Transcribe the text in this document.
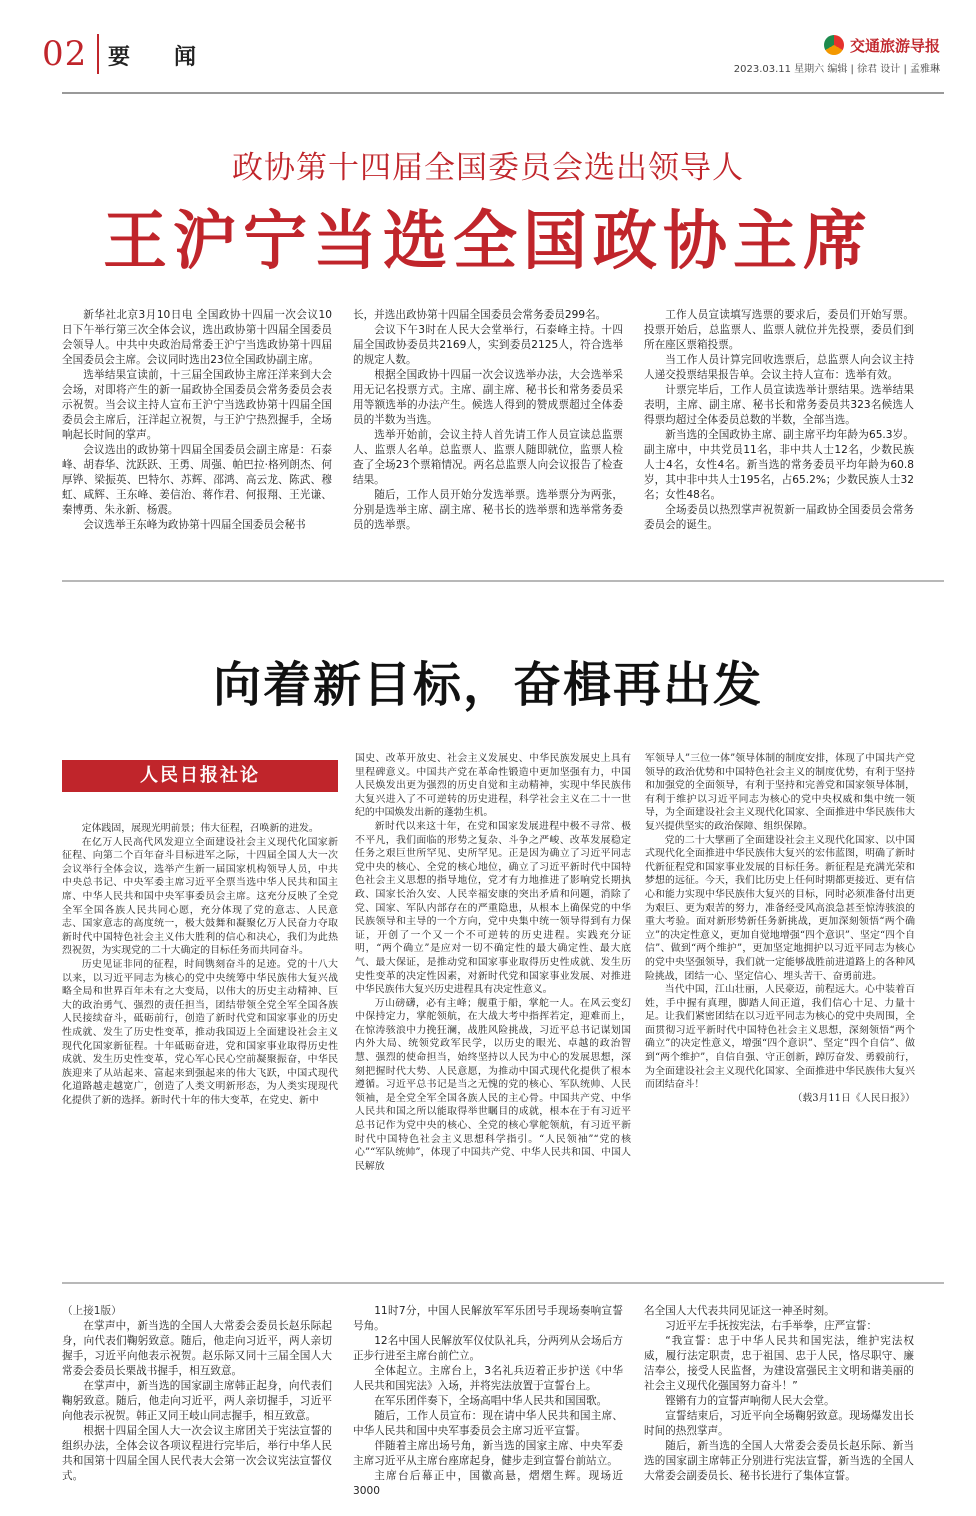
02 要闻	交通旅游导报
2023.03.11 星期六 编辑 | 徐君 设计 | 孟雅琳
政协第十四届全国委员会选出领导人
王沪宁当选全国政协主席

新华社北京3月10日电 全国政协十四届一次会议10日下午举行第三次全体会议，选出政协第十四届全国委员会领导人。中共中央政治局常委王沪宁当选政协第十四届全国委员会主席。会议同时选出23位全国政协副主席。

选举结果宣读前，十三届全国政协主席汪洋来到大会会场，对即将产生的新一届政协全国委员会常务委员会表示祝贺。当会议主持人宣布王沪宁当选政协第十四届全国委员会主席后，汪洋起立祝贺，与王沪宁热烈握手，全场响起长时间的掌声。

会议选出的政协第十四届全国委员会副主席是：石泰峰、胡春华、沈跃跃、王勇、周强、帕巴拉·格列朗杰、何厚铧、梁振英、巴特尔、苏辉、邵鸿、高云龙、陈武、穆虹、咸辉、王东峰、姜信治、蒋作君、何报翔、王光谦、秦博勇、朱永新、杨震。

会议选举王东峰为政协第十四届全国委员会秘书

长，并选出政协第十四届全国委员会常务委员299名。

会议下午3时在人民大会堂举行，石泰峰主持。十四届全国政协委员共2169人，实到委员2125人，符合选举的规定人数。

根据全国政协十四届一次会议选举办法，大会选举采用无记名投票方式。主席、副主席、秘书长和常务委员采用等额选举的办法产生。候选人得到的赞成票超过全体委员的半数为当选。

选举开始前，会议主持人首先请工作人员宣读总监票人、监票人名单。总监票人、监票人随即就位，监票人检查了全场23个票箱情况。两名总监票人向会议报告了检查结果。

随后，工作人员开始分发选举票。选举票分为两张，分别是选举主席、副主席、秘书长的选举票和选举常务委员的选举票。

工作人员宣读填写选票的要求后，委员们开始写票。投票开始后，总监票人、监票人就位并先投票，委员们到所在座区票箱投票。

当工作人员计算完回收选票后，总监票人向会议主持人递交投票结果报告单。会议主持人宣布：选举有效。

计票完毕后，工作人员宣读选举计票结果。选举结果表明，主席、副主席、秘书长和常务委员共323名候选人得票均超过全体委员总数的半数，全部当选。

新当选的全国政协主席、副主席平均年龄为65.3岁。副主席中，中共党员11名，非中共人士12名，少数民族人士4名，女性4名。新当选的常务委员平均年龄为60.8岁，其中非中共人士195名，占65.2%；少数民族人士32名；女性48名。

全场委员以热烈掌声祝贺新一届政协全国委员会常务委员会的诞生。

向着新目标，奋楫再出发
人民日报社论

定体践固，展现光明前景；伟大征程，召唤新的进发。

在亿万人民高代风发迎立全面建设社会主义现代化国家新征程、向第二个百年奋斗目标进军之际，十四届全国人大一次会议举行全体会议，选举产生新一届国家机构领导人员，中共中央总书记、中央军委主席习近平全票当选中华人民共和国主席、中华人民共和国中央军事委员会主席。这充分反映了全党全军全国各族人民共同心愿，充分体现了党的意志、人民意志、国家意志的高度统一，极大鼓舞和凝聚亿万人民奋力夺取新时代中国特色社会主义伟大胜利的信心和决心，我们为此热烈祝贺，为实现党的二十大确定的目标任务而共同奋斗。

历史见证非同的征程，时间镌刻奋斗的足迹。党的十八大以来，以习近平同志为核心的党中央统筹中华民族伟大复兴战略全局和世界百年未有之大变局，以伟大的历史主动精神、巨大的政治勇气、强烈的责任担当，团结带领全党全军全国各族人民接续奋斗，砥砺前行，创造了新时代党和国家事业的历史性成就、发生了历史性变革，推动我国迈上全面建设社会主义现代化国家新征程。十年砥砺奋进，党和国家事业取得历史性成就、发生历史性变革，党心军心民心空前凝聚振奋，中华民族迎来了从站起来、富起来到强起来的伟大飞跃，中国式现代化道路越走越宽广，创造了人类文明新形态，为人类实现现代化提供了新的选择。新时代十年的伟大变革，在党史、新中

国史、改革开放史、社会主义发展史、中华民族发展史上具有里程碑意义。中国共产党在革命性锻造中更加坚强有力，中国人民焕发出更为强烈的历史自觉和主动精神，实现中华民族伟大复兴进入了不可逆转的历史进程，科学社会主义在二十一世纪的中国焕发出新的蓬勃生机。

新时代以来这十年，在党和国家发展进程中极不寻常、极不平凡，我们面临的形势之复杂、斗争之严峻、改革发展稳定任务之艰巨世所罕见、史所罕见。正是因为确立了习近平同志党中央的核心、全党的核心地位，确立了习近平新时代中国特色社会主义思想的指导地位，党才有力地推进了影响党长期执政、国家长治久安、人民幸福安康的突出矛盾和问题，消除了党、国家、军队内部存在的严重隐患，从根本上确保党的中华民族领导和主导的一个方向，党中央集中统一领导得到有力保证，开创了一个又一个不可逆转的历史进程。实践充分证明，“两个确立”是应对一切不确定性的最大确定性、最大底气、最大保证，是推动党和国家事业取得历史性成就、发生历史性变革的决定性因素，对新时代党和国家事业发展、对推进中华民族伟大复兴历史进程具有决定性意义。

万山磅礴，必有主峰；舰重于船，掌舵一人。在风云变幻中保持定力，掌舵领航，在大战大考中指挥若定，迎难而上，在惊涛骇浪中力挽狂澜，战胜风险挑战，习近平总书记谋划国内外大局、统领党政军民学，以历史的眼光、卓越的政治智慧、强烈的使命担当，始终坚持以人民为中心的发展思想，深刻把握时代大势、人民意愿，为推动中国式现代化提供了根本遵循。习近平总书记是当之无愧的党的核心、军队统帅、人民领袖，是全党全军全国各族人民的主心骨。中国共产党、中华人民共和国之所以能取得举世瞩目的成就，根本在于有习近平总书记作为党中央的核心、全党的核心掌舵领航，有习近平新时代中国特色社会主义思想科学指引。“人民领袖”“党的核心”“军队统帅”，体现了中国共产党、中华人民共和国、中国人民解放

军领导人”三位一体”领导体制的制度安排，体现了中国共产党领导的政治优势和中国特色社会主义的制度优势，有利于坚持和加强党的全面领导，有利于坚持和完善党和国家领导体制，有利于维护以习近平同志为核心的党中央权威和集中统一领导，为全面建设社会主义现代化国家、全面推进中华民族伟大复兴提供坚实的政治保障、组织保障。

党的二十大擘画了全面建设社会主义现代化国家、以中国式现代化全面推进中华民族伟大复兴的宏伟蓝图，明确了新时代新征程党和国家事业发展的目标任务。新征程是充满光荣和梦想的远征。今天，我们比历史上任何时期都更接近、更有信心和能力实现中华民族伟大复兴的目标，同时必须准备付出更为艰巨、更为艰苦的努力，准备经受风高浪急甚至惊涛骇浪的重大考验。面对新形势新任务新挑战，更加深刻领悟“两个确立”的决定性意义，更加自觉地增强“四个意识”、坚定“四个自信”、做到“两个维护”，更加坚定地拥护以习近平同志为核心的党中央坚强领导，我们就一定能够战胜前进道路上的各种风险挑战，团结一心、坚定信心、埋头苦干、奋勇前进。

当代中国，江山壮丽，人民豪迈，前程远大。心中装着百姓，手中握有真理，脚踏人间正道，我们信心十足、力量十足。让我们紧密团结在以习近平同志为核心的党中央周围，全面贯彻习近平新时代中国特色社会主义思想，深刻领悟“两个确立”的决定性意义，增强“四个意识”、坚定“四个自信”、做到“两个维护”，自信自强、守正创新，踔厉奋发、勇毅前行，为全面建设社会主义现代化国家、全面推进中华民族伟大复兴而团结奋斗！

（载3月11日《人民日报》）

（上接1版）

在掌声中，新当选的全国人大常委会委员长赵乐际起身，向代表们鞠躬致意。随后，他走向习近平，两人亲切握手，习近平向他表示祝贺。赵乐际又同十三届全国人大常委会委员长栗战书握手，相互致意。

在掌声中，新当选的国家副主席韩正起身，向代表们鞠躬致意。随后，他走向习近平，两人亲切握手，习近平向他表示祝贺。韩正又同王岐山同志握手，相互致意。

根据十四届全国人大一次会议主席团关于宪法宣誓的组织办法，全体会议各项议程进行完毕后，举行中华人民共和国第十四届全国人民代表大会第一次会议宪法宣誓仪式。

11时7分，中国人民解放军军乐团号手现场奏响宣誓号角。

12名中国人民解放军仪仗队礼兵，分两列从会场后方正步行进至主席台前伫立。

全体起立。主席台上，3名礼兵迈着正步护送《中华人民共和国宪法》入场，并将宪法放置于宣誓台上。

在军乐团伴奏下，全场高唱中华人民共和国国歌。

随后，工作人员宣布：现在请中华人民共和国主席、中华人民共和国中央军事委员会主席习近平宣誓。

伴随着主席出场号角，新当选的国家主席、中央军委主席习近平从主席台座席起身，健步走到宣誓台前站立。

主席台后幕正中，国徽高悬，熠熠生辉。现场近3000

名全国人大代表共同见证这一神圣时刻。

习近平左手抚按宪法，右手举拳，庄严宣誓：

“我宣誓：忠于中华人民共和国宪法，维护宪法权威，履行法定职责，忠于祖国、忠于人民，恪尽职守、廉洁奉公，接受人民监督，为建设富强民主文明和谐美丽的社会主义现代化强国努力奋斗！”

铿锵有力的宣誓声响彻人民大会堂。

宣誓结束后，习近平向全场鞠躬致意。现场爆发出长时间的热烈掌声。

随后，新当选的全国人大常委会委员长赵乐际、新当选的国家副主席韩正分别进行宪法宣誓，新当选的全国人大常委会副委员长、秘书长进行了集体宣誓。
